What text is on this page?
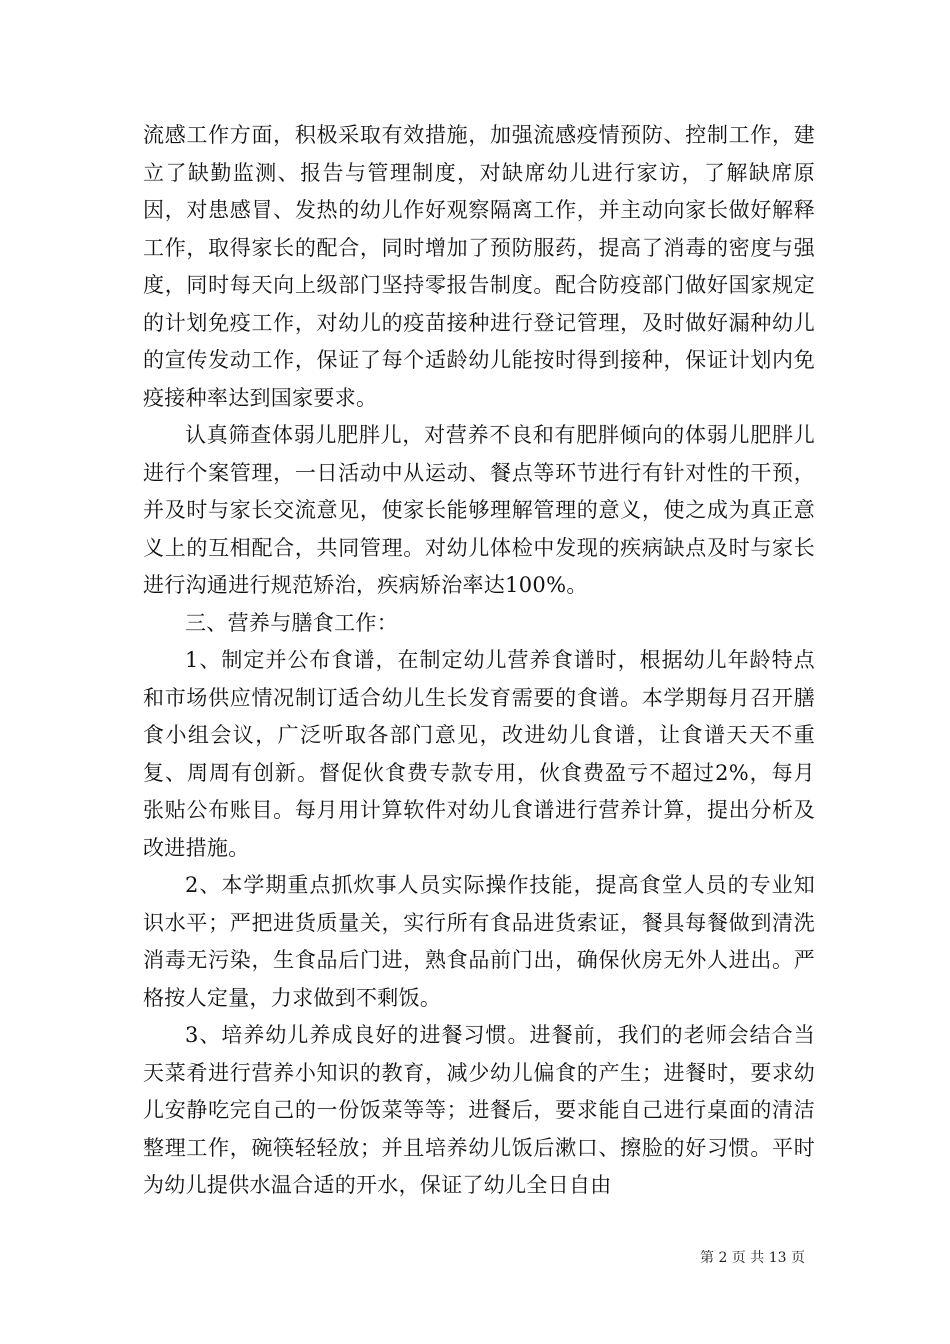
流感工作方面，积极采取有效措施，加强流感疫情预防、控制工作，建立了缺勤监测、报告与管理制度，对缺席幼儿进行家访，了解缺席原因，对患感冒、发热的幼儿作好观察隔离工作，并主动向家长做好解释工作，取得家长的配合，同时增加了预防服药，提高了消毒的密度与强度，同时每天向上级部门坚持零报告制度。配合防疫部门做好国家规定的计划免疫工作，对幼儿的疫苗接种进行登记管理，及时做好漏种幼儿的宣传发动工作，保证了每个适龄幼儿能按时得到接种，保证计划内免疫接种率达到国家要求。

认真筛查体弱儿肥胖儿，对营养不良和有肥胖倾向的体弱儿肥胖儿进行个案管理，一日活动中从运动、餐点等环节进行有针对性的干预，并及时与家长交流意见，使家长能够理解管理的意义，使之成为真正意义上的互相配合，共同管理。对幼儿体检中发现的疾病缺点及时与家长进行沟通进行规范矫治，疾病矫治率达100%。

三、营养与膳食工作：

1、制定并公布食谱，在制定幼儿营养食谱时，根据幼儿年龄特点和市场供应情况制订适合幼儿生长发育需要的食谱。本学期每月召开膳食小组会议，广泛听取各部门意见，改进幼儿食谱，让食谱天天不重复、周周有创新。督促伙食费专款专用，伙食费盈亏不超过2%，每月张贴公布账目。每月用计算软件对幼儿食谱进行营养计算，提出分析及改进措施。

2、本学期重点抓炊事人员实际操作技能，提高食堂人员的专业知识水平；严把进货质量关，实行所有食品进货索证，餐具每餐做到清洗消毒无污染，生食品后门进，熟食品前门出，确保伙房无外人进出。严格按人定量，力求做到不剩饭。

3、培养幼儿养成良好的进餐习惯。进餐前，我们的老师会结合当天菜肴进行营养小知识的教育，减少幼儿偏食的产生；进餐时，要求幼儿安静吃完自己的一份饭菜等等；进餐后，要求能自己进行桌面的清洁整理工作，碗筷轻轻放；并且培养幼儿饭后漱口、擦脸的好习惯。平时为幼儿提供水温合适的开水，保证了幼儿全日自由

第 2 页 共 13 页
